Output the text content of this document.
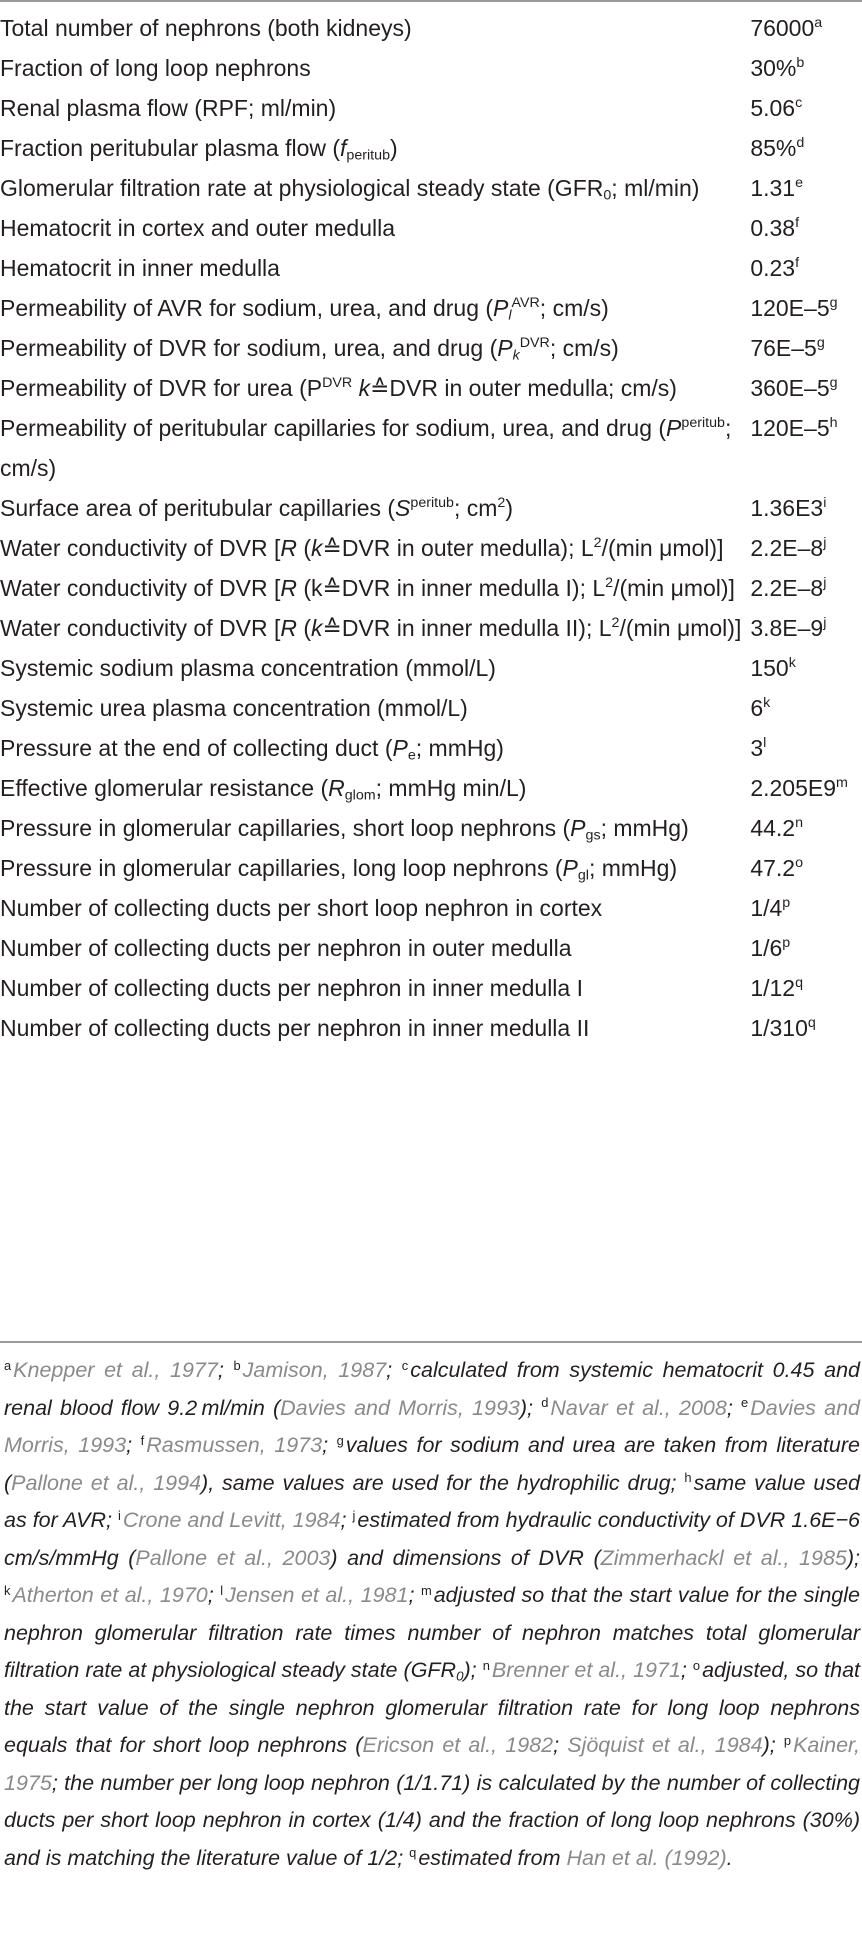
Total number of nephrons (both kidneys)	76000$^a$
Fraction of long loop nephrons	30%$^b$
Renal plasma flow (RPF; ml/min)	5.06$^c$
Fraction peritubular plasma flow $(f_{peritub})$	85%$^d$
Glomerular filtration rate at physiological steady state ($GFR_0$; ml/min)	1.31e
Hematocrit in cortex and outer medulla	0.38$^f$
Hematocrit in inner medulla	0.23$^f$
Permeability of AVR for sodium, urea, and drug ($P_l^{AVR}$; cm/s)	120E–5$^g$
Permeability of DVR for sodium, urea, and drug ($P_k^{DVR}$; cm/s)	76E–5$^g$
Permeability of DVR for urea ($P^{DVR}$ k≙DVR in outer medulla; cm/s)	360E–5$^g$
Permeability of peritubular capillaries for sodium, urea, and drug ($P^{peritub}$; cm/s)	120E–5$^h$
Surface area of peritubular capillaries ($S^{peritub}$; $cm^2$)	1.36E3$^i$
Water conductivity of DVR [R (k≙DVR in outer medulla); $L^2/(\min$ μmol)]	2.2E–8$^j$
Water conductivity of DVR [R (k≙DVR in inner medulla I); $L^2/(\min$ μmol)]	2.2E–8$^j$
Water conductivity of DVR [R (k≙DVR in inner medulla II); $L^2/(\min$ μmol)]	3.8E–9$^j$
Systemic sodium plasma concentration (mmol/L)	150$^k$
Systemic urea plasma concentration (mmol/L)	6$^k$
Pressure at the end of collecting duct ($P_e$; mmHg)	3$^l$
Effective glomerular resistance ($R_{glom}$; mmHg min/L)	2.205E9$^m$
Pressure in glomerular capillaries, short loop nephrons ($P_{gs}$; mmHg)	44.2$^n$
Pressure in glomerular capillaries, long loop nephrons ($P_{gl}$; mmHg)	47.2$^o$
Number of collecting ducts per short loop nephron in cortex	1/4$^p$
Number of collecting ducts per nephron in outer medulla	1/6$^p$
Number of collecting ducts per nephron in inner medulla I	1/12$^q$
Number of collecting ducts per nephron in inner medulla II	1/310$^q$
$^a$Knepper et al., 1977; $^b$Jamison, 1987; $^c$calculated from systemic hematocrit 0.45 and renal blood flow 9.2  ml/min (Davies and Morris, 1993); $^d$Navar et al., 2008; $^e$Davies and Morris, 1993; $^f$Rasmussen, 1973; $^g$values for sodium and urea are taken from literature (Pallone et al., 1994), same values are used for the hydrophilic drug; $^h$same value used as for AVR; $^i$Crone and Levitt, 1984; $^j$estimated from hydraulic conductivity of DVR 1.6E−6 cm/s/mmHg (Pallone et al., 2003) and dimensions of DVR (Zimmerhackl et al., 1985); $^k$Atherton et al., 1970; $^l$Jensen et al., 1981; $^m$adjusted so that the start value for the single nephron glomerular filtration rate times number of nephron matches total glomerular filtration rate at physiological steady state $(GFR_0)$; $^n$Brenner et al., 1971; $^o$adjusted, so that the start value of the single nephron glomerular filtration rate for long loop nephrons equals that for short loop nephrons (Ericson et al., 1982; Sjöquist et al., 1984); $^p$Kainer, 1975; the number per long loop nephron (1/1.71) is calculated by the number of collecting ducts per short loop nephron in cortex (1/4) and the fraction of long loop nephrons (30%) and is matching the literature value of 1/2; $^q$estimated from Han et al. (1992).
